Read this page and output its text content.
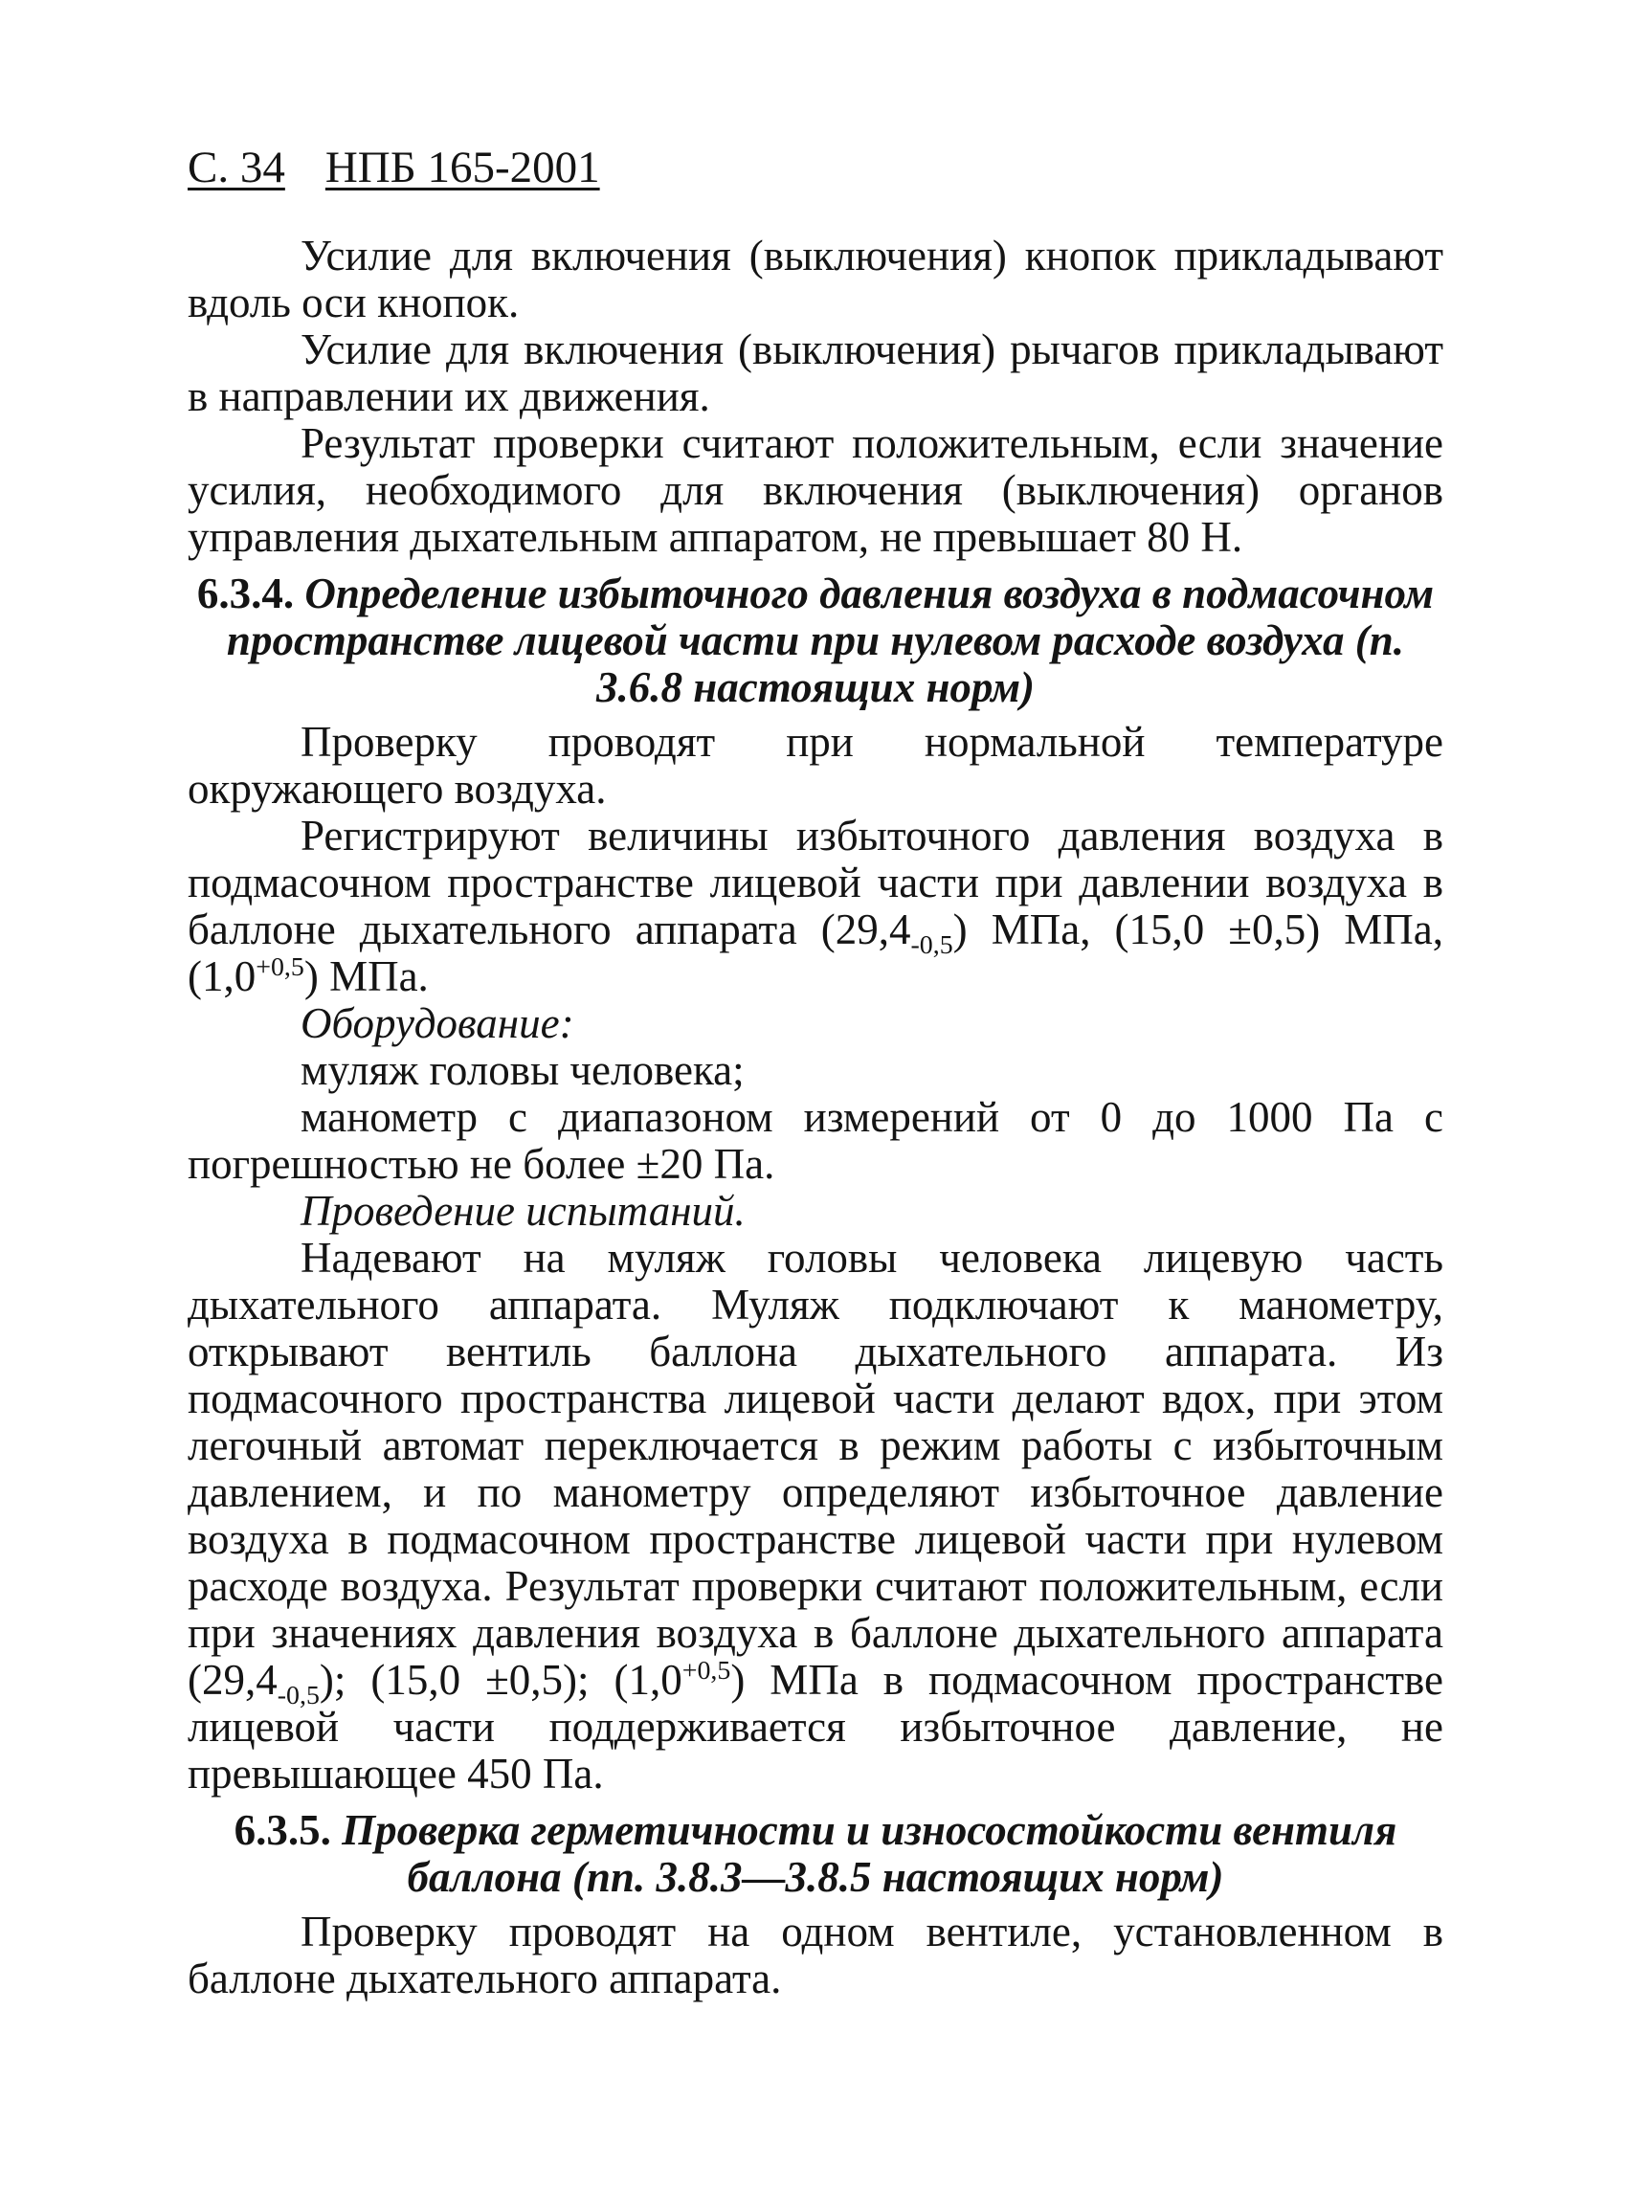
С. 34 НПБ 165-2001

Усилие для включения (выключения) кнопок прикладывают вдоль оси кнопок.

Усилие для включения (выключения) рычагов прикладывают в направлении их движения.

Результат проверки считают положительным, если значение усилия, необходимого для включения (выключения) органов управления дыхательным аппаратом, не превышает 80 Н.

6.3.4. Определение избыточного давления воздуха в подмасочном пространстве лицевой части при нулевом расходе воздуха (п. 3.6.8 настоящих норм)

Проверку проводят при нормальной температуре окружающего воздуха.

Регистрируют величины избыточного давления воздуха в подмасочном пространстве лицевой части при давлении воздуха в баллоне дыхательного аппарата $(29,4_{-0,5})$ МПа, (15,0 ±0,5) МПа, $(1,0^{+0,5})$ МПа.

Оборудование:

муляж головы человека;

манометр с диапазоном измерений от 0 до 1000 Па с погрешностью не более ±20 Па.

Проведение испытаний.

Надевают на муляж головы человека лицевую часть дыхательного аппарата. Муляж подключают к манометру, открывают вентиль баллона дыхательного аппарата. Из подмасочного пространства лицевой части делают вдох, при этом легочный автомат переключается в режим работы с избыточным давлением, и по манометру определяют избыточное давление воздуха в подмасочном пространстве лицевой части при нулевом расходе воздуха. Результат проверки считают положительным, если при значениях давления воздуха в баллоне дыхательного аппарата $(29,4_{-0,5})$; (15,0 ±0,5); $(1,0^{+0,5})$ МПа в подмасочном пространстве лицевой части поддерживается избыточное давление, не превышающее 450 Па.

6.3.5. Проверка герметичности и износостойкости вентиля баллона (пп. 3.8.3—3.8.5 настоящих норм)

Проверку проводят на одном вентиле, установленном в баллоне дыхательного аппарата.
